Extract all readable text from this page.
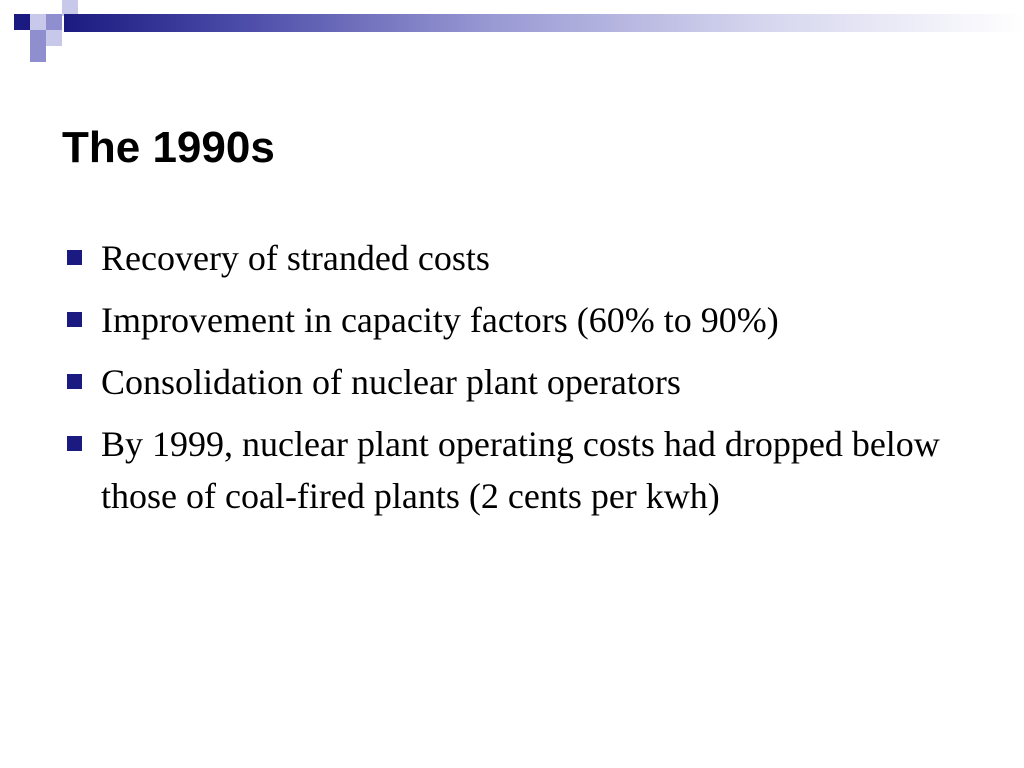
The 1990s
Recovery of stranded costs
Improvement in capacity factors (60% to 90%)
Consolidation of nuclear plant operators
By 1999, nuclear plant operating costs had dropped below those of coal-fired plants (2 cents per kwh)
